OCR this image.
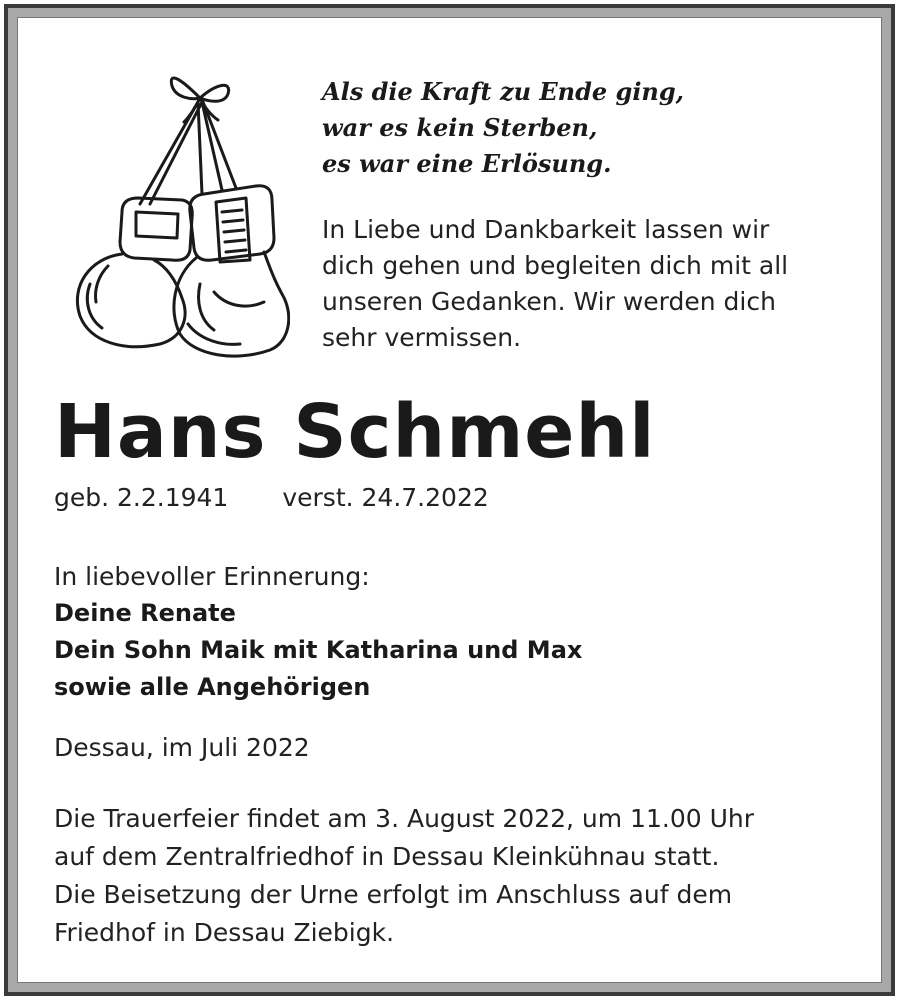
Als die Kraft zu Ende ging,
war es kein Sterben,
es war eine Erlösung.
In Liebe und Dankbarkeit lassen wir
dich gehen und begleiten dich mit all
unseren Gedanken. Wir werden dich
sehr vermissen.
Hans Schmehl
geb. 2.2.1941 verst. 24.7.2022
In liebevoller Erinnerung:
Deine Renate
Dein Sohn Maik mit Katharina und Max
sowie alle Angehörigen
Dessau, im Juli 2022
Die Trauerfeier findet am 3. August 2022, um 11.00 Uhr
auf dem Zentralfriedhof in Dessau Kleinkühnau statt.
Die Beisetzung der Urne erfolgt im Anschluss auf dem
Friedhof in Dessau Ziebigk.
